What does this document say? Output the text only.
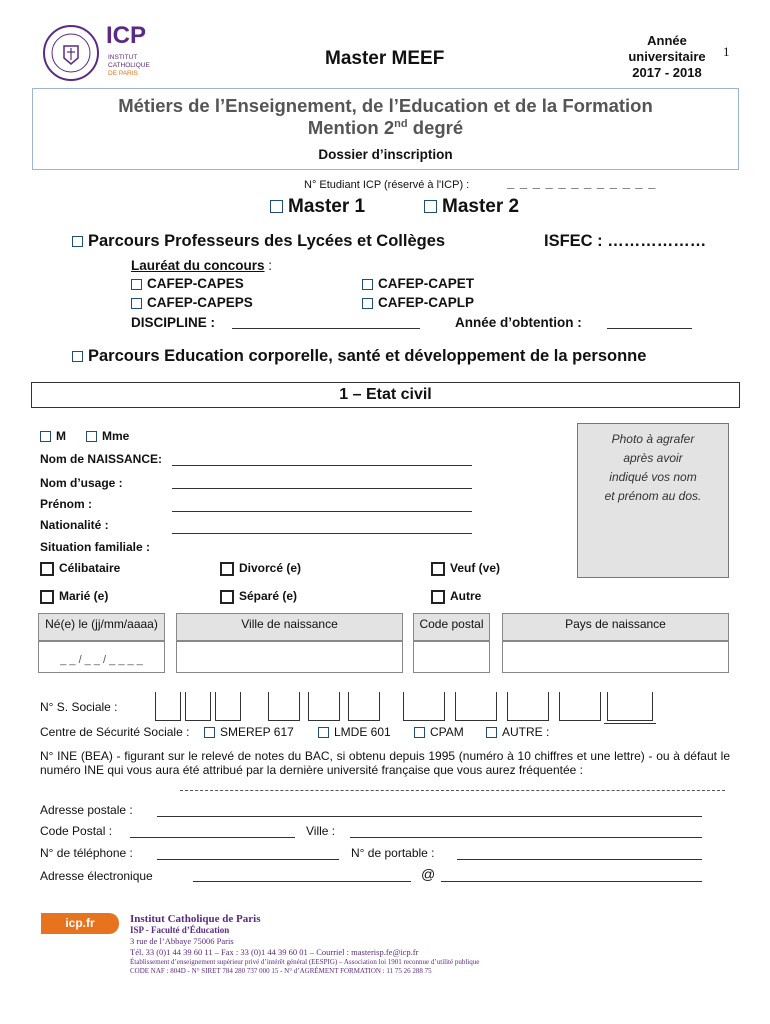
ICP
INSTITUT
CATHOLIQUE
DE PARIS
Master MEEF
Année
universitaire
2017 - 2018
1
Métiers de l’Enseignement, de l’Education et de la Formation
Mention 2nd degré
Dossier d’inscription
N° Etudiant ICP (réservé à l'ICP) :	_ _ _ _ _ _ _ _ _ _ _ _
Master 1	Master 2
Parcours Professeurs des Lycées et Collèges	ISFEC : ………………
Lauréat du concours :
CAFEP-CAPES	CAFEP-CAPET
CAFEP-CAPEPS	CAFEP-CAPLP
DISCIPLINE :	Année d’obtention :
Parcours Education corporelle, santé et développement de la personne
1 – Etat civil
M	Mme
Nom de NAISSANCE:
Nom d’usage :
Prénom :
Nationalité :
Situation familiale :
Célibataire	Divorcé (e)	Veuf (ve)
Marié (e)	Séparé (e)	Autre
Photo à agrafer
après avoir
indiqué vos nom
et prénom au dos.
Né(e) le (jj/mm/aaaa)	Ville de naissance	Code postal	Pays de naissance
_ _ / _ _ / _ _ _ _
N° S. Sociale :
Centre de Sécurité Sociale :	SMEREP 617	LMDE 601	CPAM	AUTRE :
N° INE (BEA) - figurant sur le relevé de notes du BAC, si obtenu depuis 1995 (numéro à 10 chiffres et une lettre) - ou à défaut le numéro INE qui vous aura été attribué par la dernière université française que vous aurez fréquentée :
Adresse postale :
Code Postal :	Ville :
N° de téléphone :	N° de portable :
Adresse électronique	@
icp.fr	Institut Catholique de Paris
ISP - Faculté d’Éducation
3 rue de l’Abbaye 75006 Paris
Tél. 33 (0)1 44 39 60 11 – Fax : 33 (0)1 44 39 60 01 – Courriel : masterisp.fe@icp.fr
Établissement d’enseignement supérieur privé d’intérêt général (EESPIG) – Association loi 1901 reconnue d’utilité publique
CODE NAF : 804D - N° SIRET 784 280 737 000 15 - N° d’AGRÉMENT FORMATION : 11 75 26 288 75
